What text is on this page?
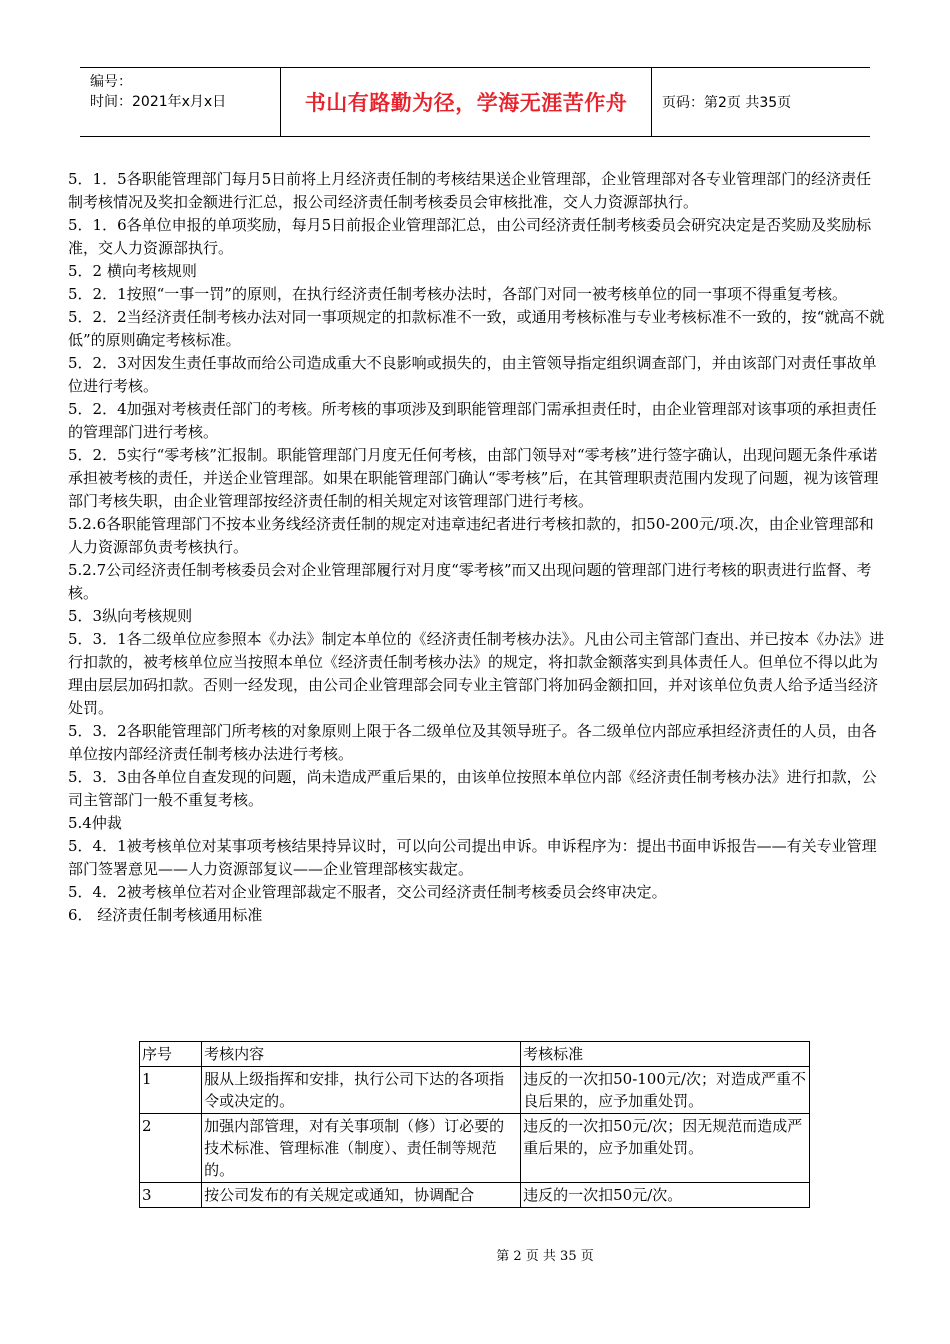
编号：
时间：2021年x月x日	书山有路勤为径，学海无涯苦作舟	页码：第2页 共35页

5．1．5各职能管理部门每月5日前将上月经济责任制的考核结果送企业管理部，企业管理部对各专业管理部门的经济责任制考核情况及奖扣金额进行汇总，报公司经济责任制考核委员会审核批准，交人力资源部执行。

5．1．6各单位申报的单项奖励，每月5日前报企业管理部汇总，由公司经济责任制考核委员会研究决定是否奖励及奖励标准，交人力资源部执行。

5．2 横向考核规则

5．2．1按照“一事一罚”的原则，在执行经济责任制考核办法时，各部门对同一被考核单位的同一事项不得重复考核。

5．2．2当经济责任制考核办法对同一事项规定的扣款标准不一致，或通用考核标准与专业考核标准不一致的，按“就高不就低”的原则确定考核标准。

5．2．3对因发生责任事故而给公司造成重大不良影响或损失的，由主管领导指定组织调查部门，并由该部门对责任事故单位进行考核。

5．2．4加强对考核责任部门的考核。所考核的事项涉及到职能管理部门需承担责任时，由企业管理部对该事项的承担责任的管理部门进行考核。

5．2．5实行“零考核”汇报制。职能管理部门月度无任何考核，由部门领导对“零考核”进行签字确认，出现问题无条件承诺承担被考核的责任，并送企业管理部。如果在职能管理部门确认“零考核”后，在其管理职责范围内发现了问题，视为该管理部门考核失职，由企业管理部按经济责任制的相关规定对该管理部门进行考核。

5.2.6各职能管理部门不按本业务线经济责任制的规定对违章违纪者进行考核扣款的，扣50-200元/项.次，由企业管理部和人力资源部负责考核执行。

5.2.7公司经济责任制考核委员会对企业管理部履行对月度“零考核”而又出现问题的管理部门进行考核的职责进行监督、考核。

5．3纵向考核规则

5．3．1各二级单位应参照本《办法》制定本单位的《经济责任制考核办法》。凡由公司主管部门查出、并已按本《办法》进行扣款的，被考核单位应当按照本单位《经济责任制考核办法》的规定，将扣款金额落实到具体责任人。但单位不得以此为理由层层加码扣款。否则一经发现，由公司企业管理部会同专业主管部门将加码金额扣回，并对该单位负责人给予适当经济处罚。

5．3．2各职能管理部门所考核的对象原则上限于各二级单位及其领导班子。各二级单位内部应承担经济责任的人员，由各单位按内部经济责任制考核办法进行考核。

5．3．3由各单位自查发现的问题，尚未造成严重后果的，由该单位按照本单位内部《经济责任制考核办法》进行扣款，公司主管部门一般不重复考核。

5.4仲裁

5．4．1被考核单位对某事项考核结果持异议时，可以向公司提出申诉。申诉程序为：提出书面申诉报告——有关专业管理部门签署意见——人力资源部复议——企业管理部核实裁定。

5．4．2被考核单位若对企业管理部裁定不服者，交公司经济责任制考核委员会终审决定。

6． 经济责任制考核通用标准

序号	考核内容	考核标准
1	服从上级指挥和安排，执行公司下达的各项指令或决定的。	违反的一次扣50-100元/次；对造成严重不良后果的，应予加重处罚。
2	加强内部管理，对有关事项制（修）订必要的技术标准、管理标准（制度）、责任制等规范的。	违反的一次扣50元/次；因无规范而造成严重后果的，应予加重处罚。
3	按公司发布的有关规定或通知，协调配合	违反的一次扣50元/次。
第 2 页 共 35 页
